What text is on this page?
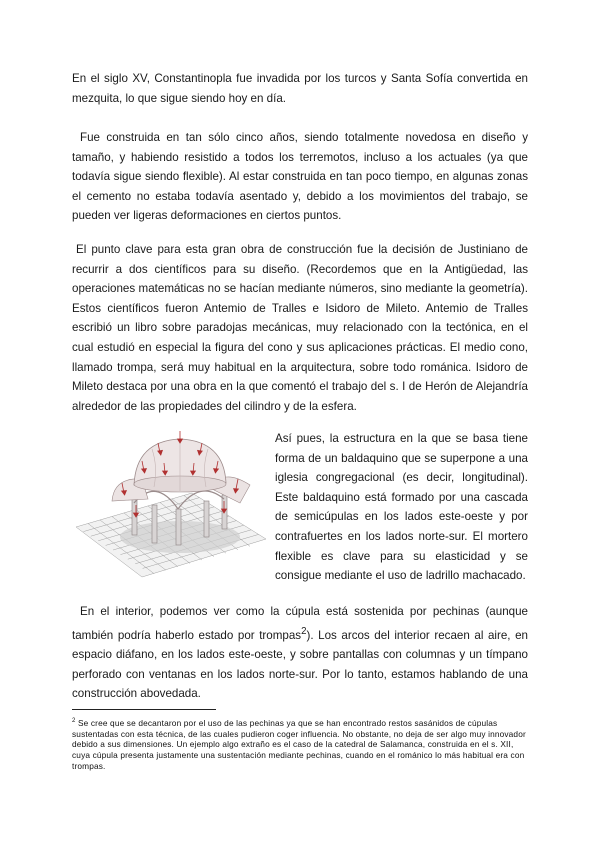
En el siglo XV, Constantinopla fue invadida por los turcos y Santa Sofía convertida en mezquita, lo que sigue siendo hoy en día.

Fue construida en tan sólo cinco años, siendo totalmente novedosa en diseño y tamaño, y habiendo resistido a todos los terremotos, incluso a los actuales (ya que todavía sigue siendo flexible). Al estar construida en tan poco tiempo, en algunas zonas el cemento no estaba todavía asentado y, debido a los movimientos del trabajo, se pueden ver ligeras deformaciones en ciertos puntos.

El punto clave para esta gran obra de construcción fue la decisión de Justiniano de recurrir a dos científicos para su diseño. (Recordemos que en la Antigüedad, las operaciones matemáticas no se hacían mediante números, sino mediante la geometría). Estos científicos fueron Antemio de Tralles e Isidoro de Mileto. Antemio de Tralles escribió un libro sobre paradojas mecánicas, muy relacionado con la tectónica, en el cual estudió en especial la figura del cono y sus aplicaciones prácticas. El medio cono, llamado trompa, será muy habitual en la arquitectura, sobre todo románica. Isidoro de Mileto destaca por una obra en la que comentó el trabajo del s. I de Herón de Alejandría alrededor de las propiedades del cilindro y de la esfera.

Así pues, la estructura en la que se basa tiene forma de un baldaquino que se superpone a una iglesia congregacional (es decir, longitudinal). Este baldaquino está formado por una cascada de semicúpulas en los lados este-oeste y por contrafuertes en los lados norte-sur. El mortero flexible es clave para su elasticidad y se consigue mediante el uso de ladrillo machacado.

En el interior, podemos ver como la cúpula está sostenida por pechinas (aunque también podría haberlo estado por trompas$^2$). Los arcos del interior recaen al aire, en espacio diáfano, en los lados este-oeste, y sobre pantallas con columnas y un tímpano perforado con ventanas en los lados norte-sur. Por lo tanto, estamos hablando de una construcción abovedada.

$^2$ Se cree que se decantaron por el uso de las pechinas ya que se han encontrado restos sasánidos de cúpulas sustentadas con esta técnica, de las cuales pudieron coger influencia. No obstante, no deja de ser algo muy innovador debido a sus dimensiones. Un ejemplo algo extraño es el caso de la catedral de Salamanca, construida en el s. XII, cuya cúpula presenta justamente una sustentación mediante pechinas, cuando en el románico lo más habitual era con trompas.
